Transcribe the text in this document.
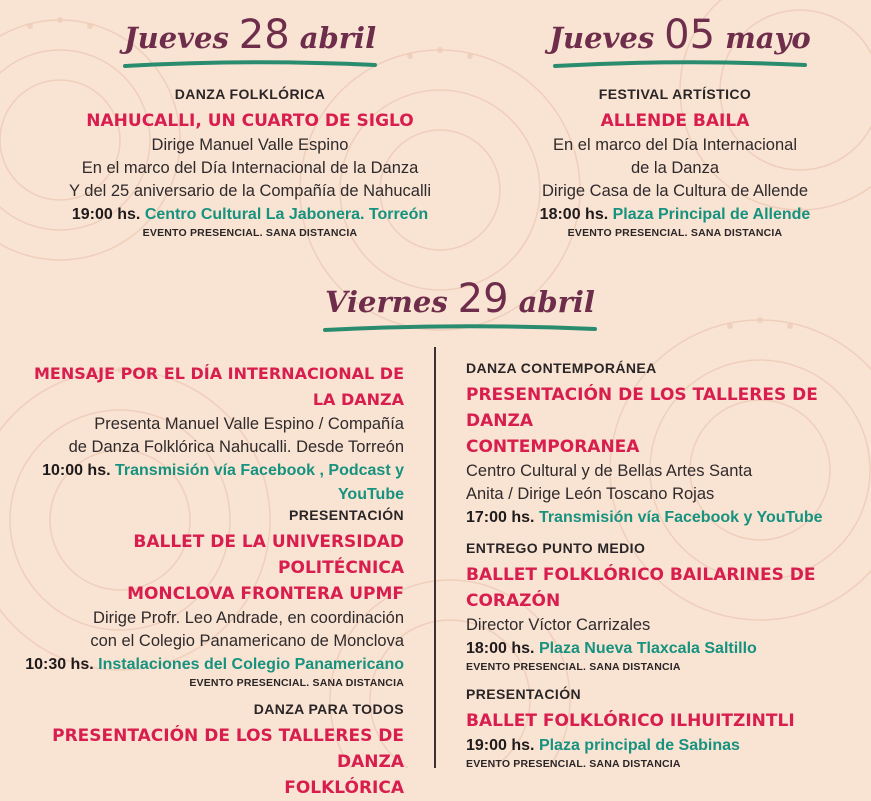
Jueves 28 abril	Jueves 05 mayo
DANZA FOLKLÓRICA
NAHUCALLI, UN CUARTO DE SIGLO
Dirige Manuel Valle Espino
En el marco del Día Internacional de la Danza
Y del 25 aniversario de la Compañía de Nahucalli
19:00 hs. Centro Cultural La Jabonera. Torreón
EVENTO PRESENCIAL. SANA DISTANCIA
FESTIVAL ARTÍSTICO
ALLENDE BAILA
En el marco del Día Internacional
de la Danza
Dirige Casa de la Cultura de Allende
18:00 hs. Plaza Principal de Allende
EVENTO PRESENCIAL. SANA DISTANCIA
Viernes 29 abril
MENSAJE POR EL DÍA INTERNACIONAL DE LA DANZA
Presenta Manuel Valle Espino / Compañía
de Danza Folklórica Nahucalli. Desde Torreón
10:00 hs. Transmisión vía Facebook , Podcast y
YouTube
PRESENTACIÓN
BALLET DE LA UNIVERSIDAD POLITÉCNICA
MONCLOVA FRONTERA UPMF
Dirige Profr. Leo Andrade, en coordinación
con el Colegio Panamericano de Monclova
10:30 hs. Instalaciones del Colegio Panamericano
EVENTO PRESENCIAL. SANA DISTANCIA
DANZA PARA TODOS
PRESENTACIÓN DE LOS TALLERES DE DANZA
FOLKLÓRICA
DANZA CONTEMPORÁNEA
PRESENTACIÓN DE LOS TALLERES DE DANZA
CONTEMPORANEA
Centro Cultural y de Bellas Artes Santa
Anita / Dirige León Toscano Rojas
17:00 hs. Transmisión vía Facebook y YouTube
ENTREGO PUNTO MEDIO
BALLET FOLKLÓRICO BAILARINES DE CORAZÓN
Director Víctor Carrizales
18:00 hs. Plaza Nueva Tlaxcala Saltillo
EVENTO PRESENCIAL. SANA DISTANCIA
PRESENTACIÓN
BALLET FOLKLÓRICO ILHUITZINTLI
19:00 hs. Plaza principal de Sabinas
EVENTO PRESENCIAL. SANA DISTANCIA
